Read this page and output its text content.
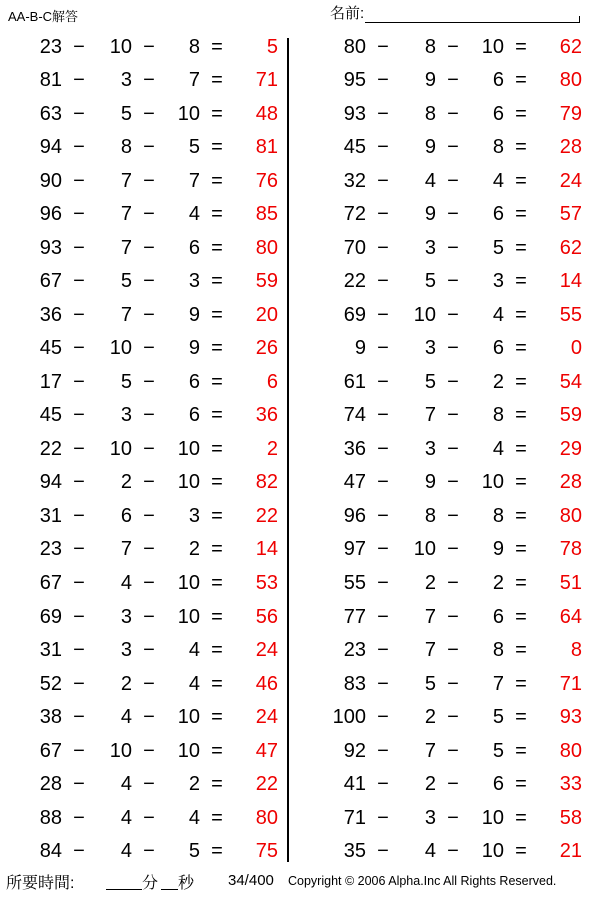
AA-B-C解答	名前:
23 −	10 −	8 =	5
81 −	3 −	7 =	71
63 −	5 −	10 =	48
94 −	8 −	5 =	81
90 −	7 −	7 =	76
96 −	7 −	4 =	85
93 −	7 −	6 =	80
67 −	5 −	3 =	59
36 −	7 −	9 =	20
45 −	10 −	9 =	26
17 −	5 −	6 =	6
45 −	3 −	6 =	36
22 −	10 −	10 =	2
94 −	2 −	10 =	82
31 −	6 −	3 =	22
23 −	7 −	2 =	14
67 −	4 −	10 =	53
69 −	3 −	10 =	56
31 −	3 −	4 =	24
52 −	2 −	4 =	46
38 −	4 −	10 =	24
67 −	10 −	10 =	47
28 −	4 −	2 =	22
88 −	4 −	4 =	80
84 −	4 −	5 =	75
80 −	8 −	10 =	62
95 −	9 −	6 =	80
93 −	8 −	6 =	79
45 −	9 −	8 =	28
32 −	4 −	4 =	24
72 −	9 −	6 =	57
70 −	3 −	5 =	62
22 −	5 −	3 =	14
69 −	10 −	4 =	55
9 −	3 −	6 =	0
61 −	5 −	2 =	54
74 −	7 −	8 =	59
36 −	3 −	4 =	29
47 −	9 −	10 =	28
96 −	8 −	8 =	80
97 −	10 −	9 =	78
55 −	2 −	2 =	51
77 −	7 −	6 =	64
23 −	7 −	8 =	8
83 −	5 −	7 =	71
100 −	2 −	5 =	93
92 −	7 −	5 =	80
41 −	2 −	6 =	33
71 −	3 −	10 =	58
35 −	4 −	10 =	21
所要時間:	分 秒 34/400 Copyright © 2006 Alpha.Inc All Rights Reserved.
